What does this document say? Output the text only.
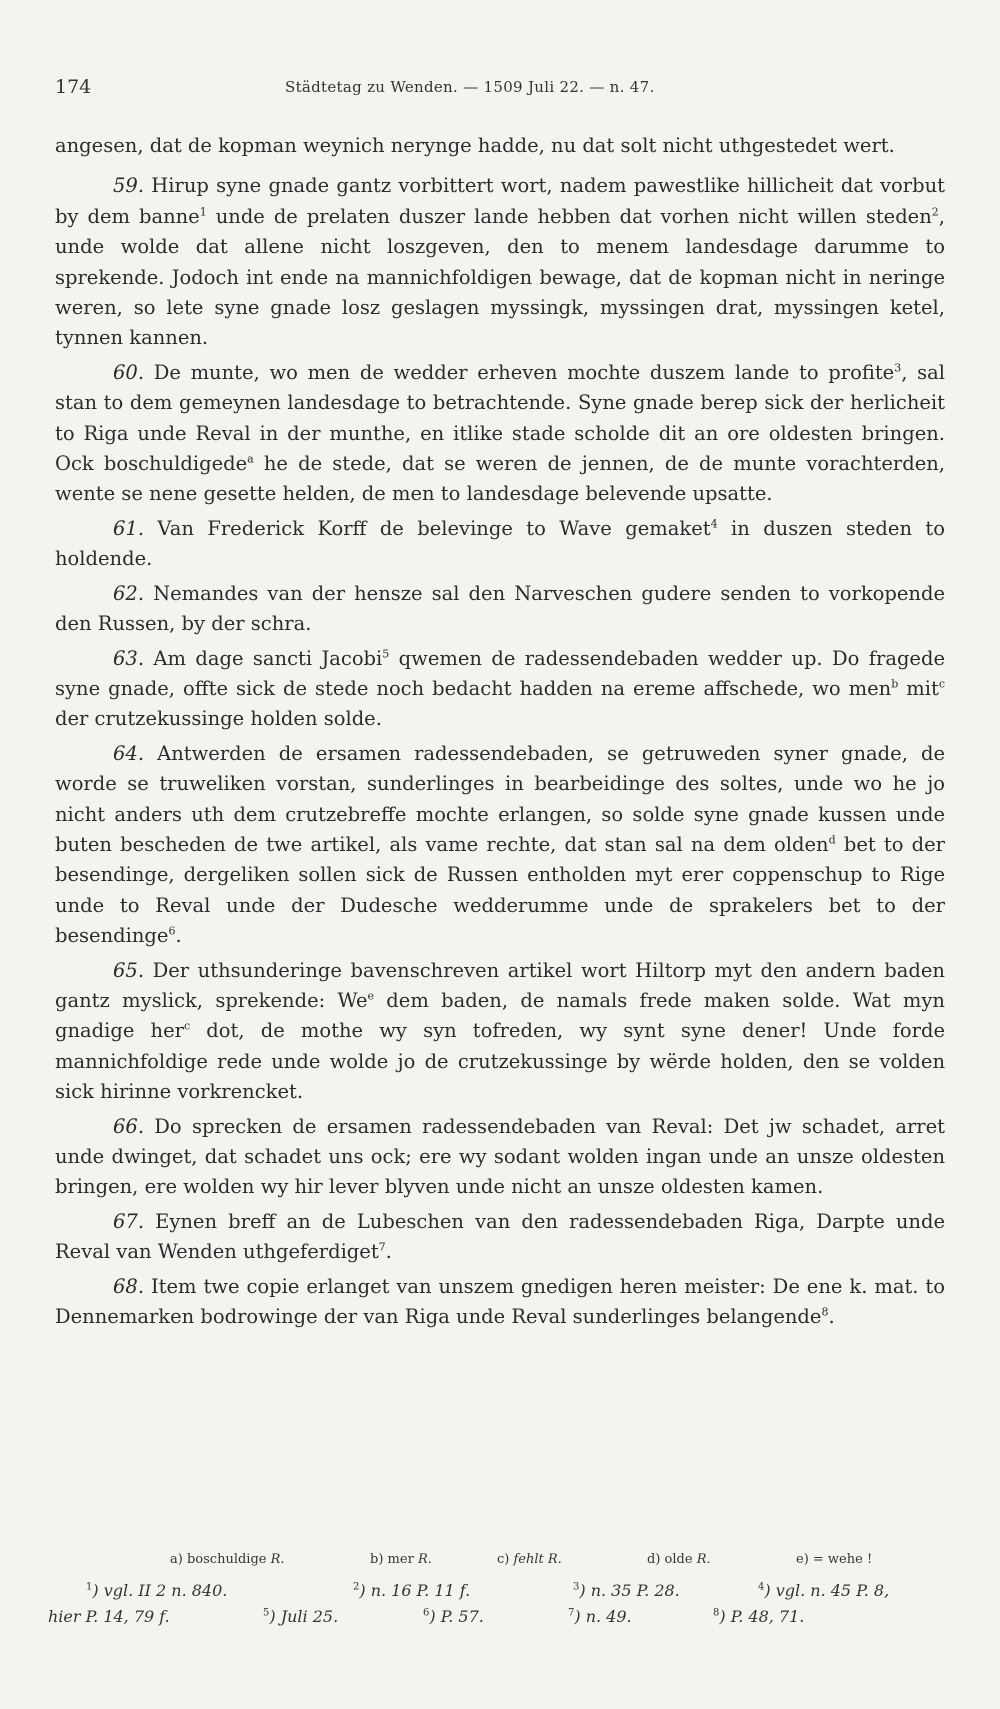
174	Städtetag zu Wenden. — 1509 Juli 22. — n. 47.

angesen, dat de kopman weynich nerynge hadde, nu dat solt nicht uthgestedet wert.

59. Hirup syne gnade gantz vorbittert wort, nadem pawestlike hillicheit dat vorbut by dem banne$^1$ unde de prelaten duszer lande hebben dat vorhen nicht willen steden$^2$, unde wolde dat allene nicht loszgeven, den to menem landesdage darumme to sprekende. Jodoch int ende na mannichfoldigen bewage, dat de kopman nicht in neringe weren, so lete syne gnade losz geslagen myssingk, myssingen drat, myssingen ketel, tynnen kannen.

60. De munte, wo men de wedder erheven mochte duszem lande to profite$^3$, sal stan to dem gemeynen landesdage to betrachtende. Syne gnade berep sick der herlicheit to Riga unde Reval in der munthe, en itlike stade scholde dit an ore oldesten bringen. Ock boschuldigede$^a$ he de stede, dat se weren de jennen, de de munte vorachterden, wente se nene gesette helden, de men to landesdage belevende upsatte.

61. Van Frederick Korff de belevinge to Wave gemaket$^4$ in duszen steden to holdende.

62. Nemandes van der hensze sal den Narveschen gudere senden to vorkopende den Russen, by der schra.

63. Am dage sancti Jacobi$^5$ qwemen de radessendebaden wedder up. Do fragede syne gnade, offte sick de stede noch bedacht hadden na ereme affschede, wo men$^b$ mit$^c$ der crutzekussinge holden solde.

64. Antwerden de ersamen radessendebaden, se getruweden syner gnade, de worde se truweliken vorstan, sunderlinges in bearbeidinge des soltes, unde wo he jo nicht anders uth dem crutzebreffe mochte erlangen, so solde syne gnade kussen unde buten bescheden de twe artikel, als vame rechte, dat stan sal na dem olden$^d$ bet to der besendinge, dergeliken sollen sick de Russen entholden myt erer coppenschup to Rige unde to Reval unde der Dudesche wedderumme unde de sprakelers bet to der besendinge$^6$.

65. Der uthsunderinge bavenschreven artikel wort Hiltorp myt den andern baden gantz myslick, sprekende: We$^e$ dem baden, de namals frede maken solde. Wat myn gnadige her$^c$ dot, de mothe wy syn tofreden, wy synt syne dener! Unde forde mannichfoldige rede unde wolde jo de crutzekussinge by wërde holden, den se volden sick hirinne vorkrencket.

66. Do sprecken de ersamen radessendebaden van Reval: Det jw schadet, arret unde dwinget, dat schadet uns ock; ere wy sodant wolden ingan unde an unsze oldesten bringen, ere wolden wy hir lever blyven unde nicht an unsze oldesten kamen.

67. Eynen breff an de Lubeschen van den radessendebaden Riga, Darpte unde Reval van Wenden uthgeferdiget$^7$.

68. Item twe copie erlanget van unszem gnedigen heren meister: De ene k. mat. to Dennemarken bodrowinge der van Riga unde Reval sunderlinges belangende$^8$.

a) boschuldige R.	b) mer R.	c) fehlt R.	d) olde R.	e) = wehe !
$^1$) vgl. II 2 n. 840.	$^2$) n. 16 P. 11 f.	$^3$) n. 35 P. 28.	$^4$) vgl. n. 45 P. 8,
hier P. 14, 79 f.	$^5$) Juli 25.	$^6$) P. 57.	$^7$) n. 49.	$^8$) P. 48, 71.
